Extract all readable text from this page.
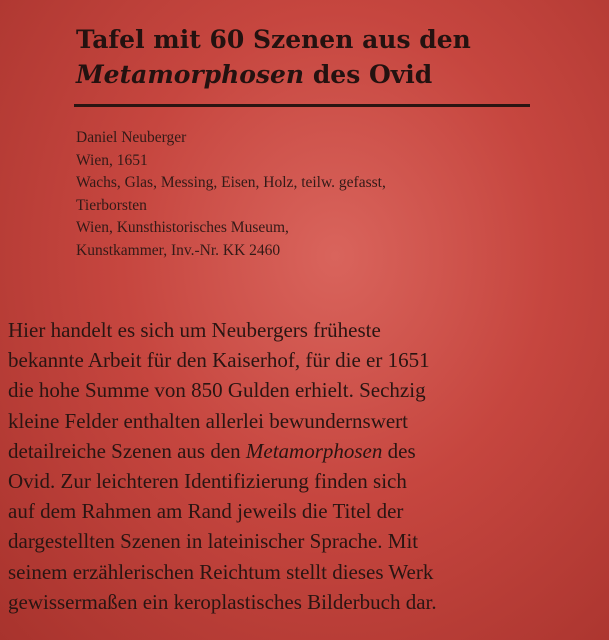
Tafel mit 60 Szenen aus den
Metamorphosen des Ovid
Daniel Neuberger
Wien, 1651
Wachs, Glas, Messing, Eisen, Holz, teilw. gefasst,
Tierborsten
Wien, Kunsthistorisches Museum,
Kunstkammer, Inv.-Nr. KK 2460
Hier handelt es sich um Neubergers früheste
bekannte Arbeit für den Kaiserhof, für die er 1651
die hohe Summe von 850 Gulden erhielt. Sechzig
kleine Felder enthalten allerlei bewundernswert
detailreiche Szenen aus den Metamorphosen des
Ovid. Zur leichteren Identifizierung finden sich
auf dem Rahmen am Rand jeweils die Titel der
dargestellten Szenen in lateinischer Sprache. Mit
seinem erzählerischen Reichtum stellt dieses Werk
gewissermaßen ein keroplastisches Bilderbuch dar.
